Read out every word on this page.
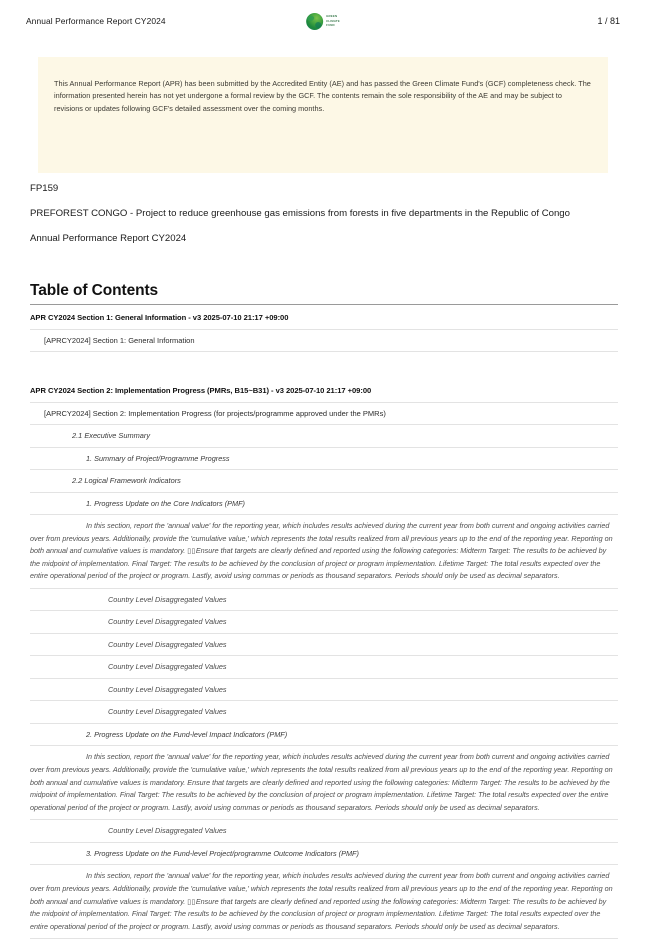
Annual Performance Report CY2024	GREEN
CLIMATE
FUND	1 / 81
This Annual Performance Report (APR) has been submitted by the Accredited Entity (AE) and has passed the Green Climate Fund's (GCF) completeness check. The information presented herein has not yet undergone a formal review by the GCF. The contents remain the sole responsibility of the AE and may be subject to revisions or updates following GCF's detailed assessment over the coming months.
FP159
PREFOREST CONGO - Project to reduce greenhouse gas emissions from forests in five departments in the Republic of Congo
Annual Performance Report CY2024
Table of Contents
APR CY2024 Section 1: General Information - v3 2025-07-10 21:17 +09:00
[APRCY2024] Section 1: General Information
APR CY2024 Section 2: Implementation Progress (PMRs, B15~B31) - v3 2025-07-10 21:17 +09:00
[APRCY2024] Section 2: Implementation Progress (for projects/programme approved under the PMRs)
2.1 Executive Summary
1. Summary of Project/Programme Progress
2.2 Logical Framework Indicators
1. Progress Update on the Core Indicators (PMF)
In this section, report the 'annual value' for the reporting year, which includes results achieved during the current year from both current and ongoing activities carried over from previous years. Additionally, provide the 'cumulative value,' which represents the total results realized from all previous years up to the end of the reporting year. Reporting on both annual and cumulative values is mandatory. ▯▯Ensure that targets are clearly defined and reported using the following categories: Midterm Target: The results to be achieved by the midpoint of implementation. Final Target: The results to be achieved by the conclusion of project or program implementation. Lifetime Target: The total results expected over the entire operational period of the project or program. Lastly, avoid using commas or periods as thousand separators. Periods should only be used as decimal separators.
Country Level Disaggregated Values
Country Level Disaggregated Values
Country Level Disaggregated Values
Country Level Disaggregated Values
Country Level Disaggregated Values
Country Level Disaggregated Values
2. Progress Update on the Fund-level Impact Indicators (PMF)
In this section, report the 'annual value' for the reporting year, which includes results achieved during the current year from both current and ongoing activities carried over from previous years. Additionally, provide the 'cumulative value,' which represents the total results realized from all previous years up to the end of the reporting year. Reporting on both annual and cumulative values is mandatory. Ensure that targets are clearly defined and reported using the following categories: Midterm Target: The results to be achieved by the midpoint of implementation. Final Target: The results to be achieved by the conclusion of project or program implementation. Lifetime Target: The total results expected over the entire operational period of the project or program. Lastly, avoid using commas or periods as thousand separators. Periods should only be used as decimal separators.
Country Level Disaggregated Values
3. Progress Update on the Fund-level Project/programme Outcome Indicators (PMF)
In this section, report the 'annual value' for the reporting year, which includes results achieved during the current year from both current and ongoing activities carried over from previous years. Additionally, provide the 'cumulative value,' which represents the total results realized from all previous years up to the end of the reporting year. Reporting on both annual and cumulative values is mandatory. ▯▯Ensure that targets are clearly defined and reported using the following categories: Midterm Target: The results to be achieved by the midpoint of implementation. Final Target: The results to be achieved by the conclusion of project or program implementation. Lifetime Target: The total results expected over the entire operational period of the project or program. Lastly, avoid using commas or periods as thousand separators. Periods should only be used as decimal separators.
